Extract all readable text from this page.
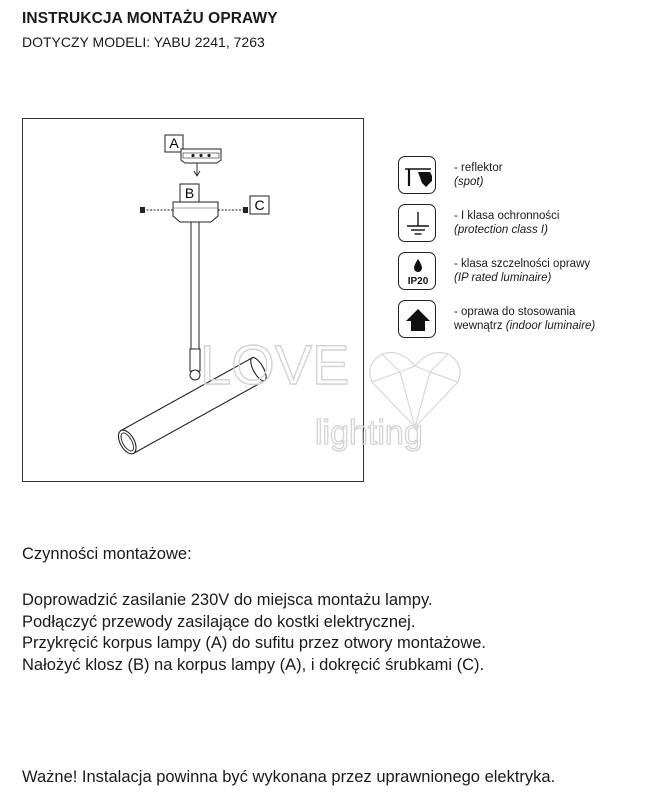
INSTRUKCJA MONTAŻU OPRAWY
DOTYCZY MODELI: YABU 2241, 7263
A
B
C
LOVE
lighting
- reflektor
(spot)
- I klasa ochronności
(protection class I)
IP20
- klasa szczelności oprawy
(IP rated luminaire)
- oprawa do stosowania
wewnątrz (indoor luminaire)
Czynności montażowe:
Doprowadzić zasilanie 230V do miejsca montażu lampy.
Podłączyć przewody zasilające do kostki elektrycznej.
Przykręcić korpus lampy (A) do sufitu przez otwory montażowe.
Nałożyć klosz (B) na korpus lampy (A), i dokręcić śrubkami (C).
Ważne! Instalacja powinna być wykonana przez uprawnionego elektryka.
